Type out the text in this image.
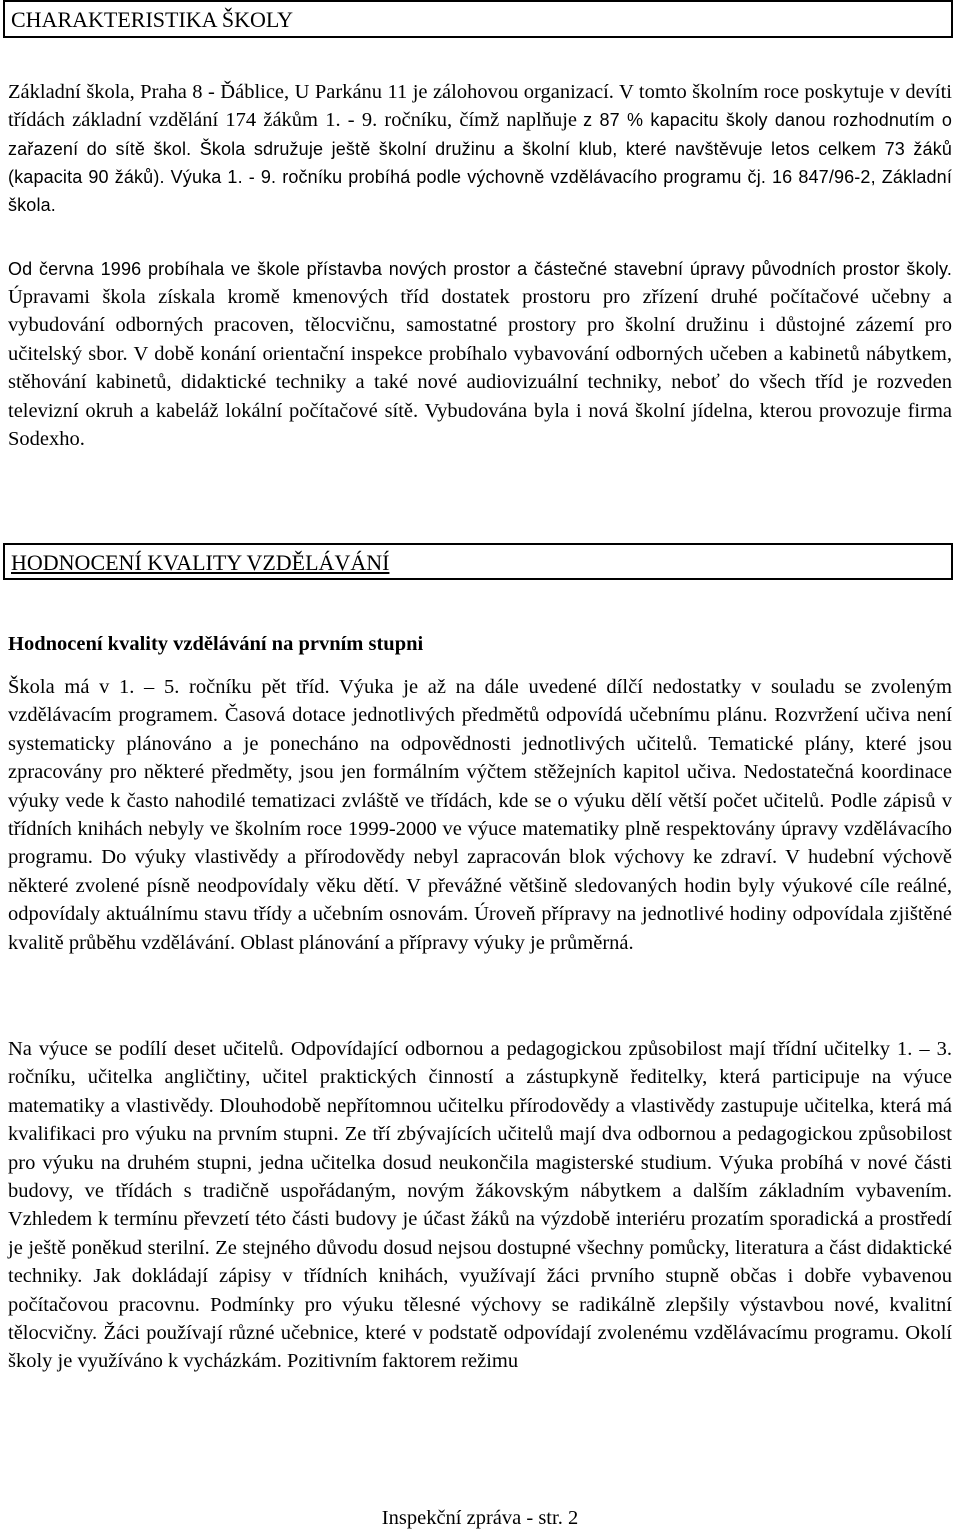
CHARAKTERISTIKA ŠKOLY

Základní škola, Praha 8 - Ďáblice, U Parkánu 11 je zálohovou organizací. V tomto školním roce poskytuje v devíti třídách základní vzdělání 174 žákům 1. - 9. ročníku, čímž naplňuje z 87 % kapacitu školy danou rozhodnutím o zařazení do sítě škol. Škola sdružuje ještě školní družinu a školní klub, které navštěvuje letos celkem 73 žáků (kapacita 90 žáků). Výuka 1. - 9. ročníku probíhá podle výchovně vzdělávacího programu čj. 16 847/96-2, Základní škola.

Od června 1996 probíhala ve škole přístavba nových prostor a částečné stavební úpravy původních prostor školy. Úpravami škola získala kromě kmenových tříd dostatek prostoru pro zřízení druhé počítačové učebny a vybudování odborných pracoven, tělocvičnu, samostatné prostory pro školní družinu i důstojné zázemí pro učitelský sbor. V době konání orientační inspekce probíhalo vybavování odborných učeben a kabinetů nábytkem, stěhování kabinetů, didaktické techniky a také nové audiovizuální techniky, neboť do všech tříd je rozveden televizní okruh a kabeláž lokální počítačové sítě. Vybudována byla i nová školní jídelna, kterou provozuje firma Sodexho.

HODNOCENÍ KVALITY VZDĚLÁVÁNÍ

Hodnocení kvality vzdělávání na prvním stupni

Škola má v 1. – 5. ročníku pět tříd. Výuka je až na dále uvedené dílčí nedostatky v souladu se zvoleným vzdělávacím programem. Časová dotace jednotlivých předmětů odpovídá učebnímu plánu. Rozvržení učiva není systematicky plánováno a je ponecháno na odpovědnosti jednotlivých učitelů. Tematické plány, které jsou zpracovány pro některé předměty, jsou jen formálním výčtem stěžejních kapitol učiva. Nedostatečná koordinace výuky vede k často nahodilé tematizaci zvláště ve třídách, kde se o výuku dělí větší počet učitelů. Podle zápisů v třídních knihách nebyly ve školním roce 1999-2000 ve výuce matematiky plně respektovány úpravy vzdělávacího programu. Do výuky vlastivědy a přírodovědy nebyl zapracován blok výchovy ke zdraví. V hudební výchově některé zvolené písně neodpovídaly věku dětí. V převážné většině sledovaných hodin byly výukové cíle reálné, odpovídaly aktuálnímu stavu třídy a učebním osnovám. Úroveň přípravy na jednotlivé hodiny odpovídala zjištěné kvalitě průběhu vzdělávání. Oblast plánování a přípravy výuky je průměrná.

Na výuce se podílí deset učitelů. Odpovídající odbornou a pedagogickou způsobilost mají třídní učitelky 1. – 3. ročníku, učitelka angličtiny, učitel praktických činností a zástupkyně ředitelky, která participuje na výuce matematiky a vlastivědy. Dlouhodobě nepřítomnou učitelku přírodovědy a vlastivědy zastupuje učitelka, která má kvalifikaci pro výuku na prvním stupni. Ze tří zbývajících učitelů mají dva odbornou a pedagogickou způsobilost pro výuku na druhém stupni, jedna učitelka dosud neukončila magisterské studium. Výuka probíhá v nové části budovy, ve třídách s tradičně uspořádaným, novým žákovským nábytkem a dalším základním vybavením. Vzhledem k termínu převzetí této části budovy je účast žáků na výzdobě interiéru prozatím sporadická a prostředí je ještě poněkud sterilní. Ze stejného důvodu dosud nejsou dostupné všechny pomůcky, literatura a část didaktické techniky. Jak dokládají zápisy v třídních knihách, využívají žáci prvního stupně občas i dobře vybavenou počítačovou pracovnu. Podmínky pro výuku tělesné výchovy se radikálně zlepšily výstavbou nové, kvalitní tělocvičny. Žáci používají různé učebnice, které v podstatě odpovídají zvolenému vzdělávacímu programu. Okolí školy je využíváno k vycházkám. Pozitivním faktorem režimu

Inspekční zpráva - str. 2
